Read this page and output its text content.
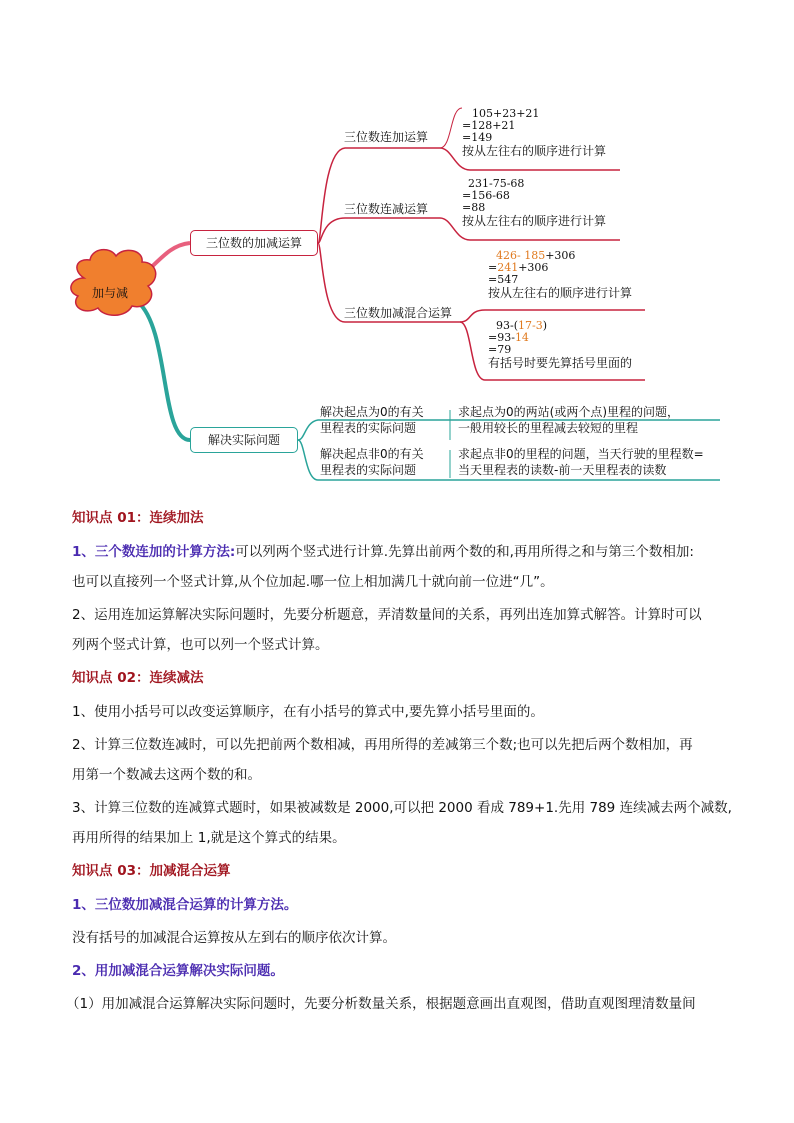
加与减
三位数的加减运算
三位数连加运算
三位数连减运算
三位数加减混合运算
105+23+21
=128+21
=149
按从左往右的顺序进行计算
231-75-68
=156-68
=88
按从左往右的顺序进行计算
426- 185+306
=241+306
=547
按从左往右的顺序进行计算
93-(17-3)
=93-14
=79
有括号时要先算括号里面的
解决实际问题
解决起点为0的有关
里程表的实际问题
求起点为0的两站(或两个点)里程的问题，
一般用较长的里程减去较短的里程
解决起点非0的有关
里程表的实际问题
求起点非0的里程的问题，当天行驶的里程数=
当天里程表的读数-前一天里程表的读数

知识点 01：连续加法

1、三个数连加的计算方法:可以列两个竖式进行计算.先算出前两个数的和,再用所得之和与第三个数相加:

也可以直接列一个竖式计算,从个位加起.哪一位上相加满几十就向前一位进“几”。

2、运用连加运算解决实际问题时，先要分析题意，弄清数量间的关系，再列出连加算式解答。计算时可以

列两个竖式计算，也可以列一个竖式计算。

知识点 02：连续减法

1、使用小括号可以改变运算顺序，在有小括号的算式中,要先算小括号里面的。

2、计算三位数连减时，可以先把前两个数相减，再用所得的差减第三个数;也可以先把后两个数相加，再

用第一个数减去这两个数的和。

3、计算三位数的连减算式题时，如果被减数是 2000,可以把 2000 看成 789+1.先用 789 连续减去两个减数,

再用所得的结果加上 1,就是这个算式的结果。

知识点 03：加减混合运算

1、三位数加减混合运算的计算方法。

没有括号的加减混合运算按从左到右的顺序依次计算。

2、用加减混合运算解决实际问题。

（1）用加减混合运算解决实际问题时，先要分析数量关系，根据题意画出直观图，借助直观图理清数量间
